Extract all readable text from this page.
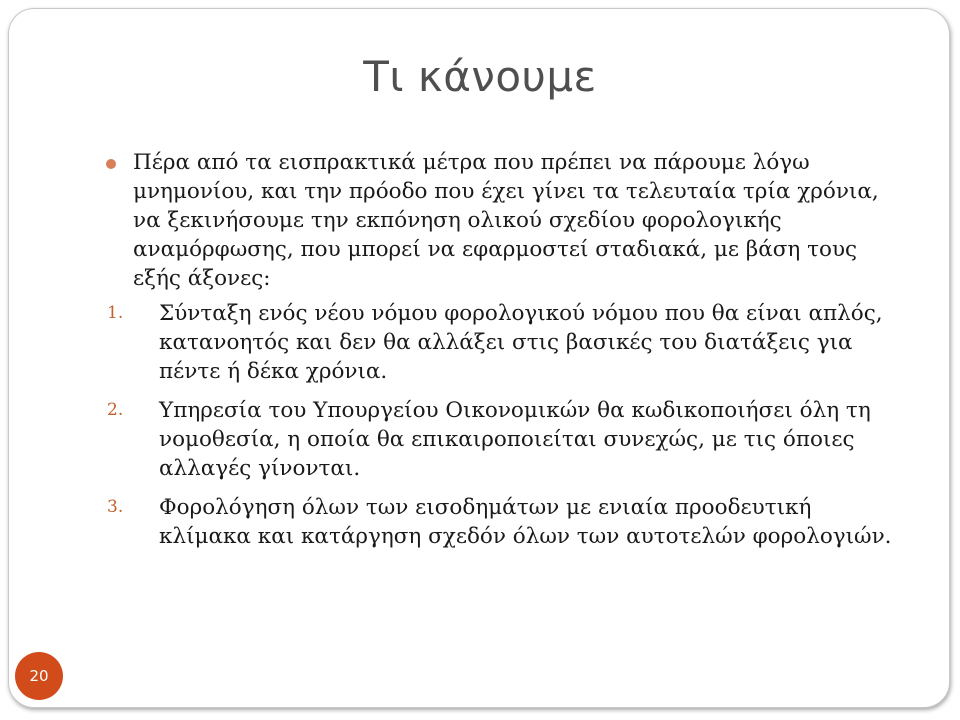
Τι κάνουμε

Πέρα από τα εισπρακτικά μέτρα που πρέπει να πάρουμε λόγω μνημονίου, και την πρόοδο που έχει γίνει τα τελευταία τρία χρόνια, να ξεκινήσουμε την εκπόνηση ολικού σχεδίου φορολογικής αναμόρφωσης, που μπορεί να εφαρμοστεί σταδιακά, με βάση τους εξής άξονες:

1. Σύνταξη ενός νέου νόμου φορολογικού νόμου που θα είναι απλός, κατανοητός και δεν θα αλλάξει στις βασικές του διατάξεις για πέντε ή δέκα χρόνια.
2. Υπηρεσία του Υπουργείου Οικονομικών θα κωδικοποιήσει όλη τη νομοθεσία, η οποία θα επικαιροποιείται συνεχώς, με τις όποιες αλλαγές γίνονται.
3. Φορολόγηση όλων των εισοδημάτων με ενιαία προοδευτική κλίμακα και κατάργηση σχεδόν όλων των αυτοτελών φορολογιών.
20
